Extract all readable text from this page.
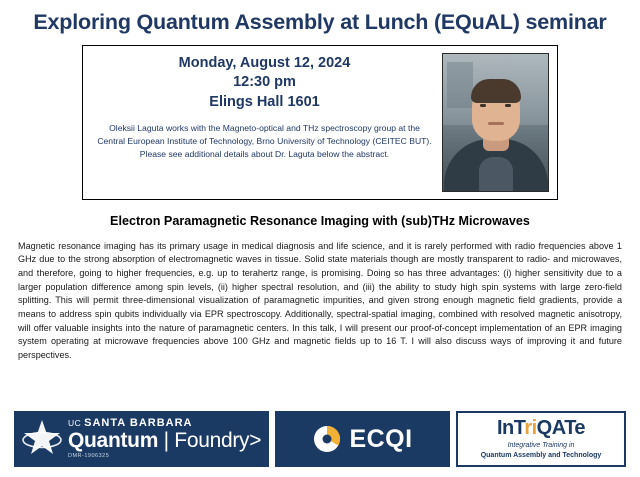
Exploring Quantum Assembly at Lunch (EQuAL) seminar
Monday, August 12, 2024
12:30 pm
Elings Hall 1601
Oleksii Laguta works with the Magneto-optical and THz spectroscopy group at the Central European Institute of Technology, Brno University of Technology (CEITEC BUT). Please see additional details about Dr. Laguta below the abstract.
Electron Paramagnetic Resonance Imaging with (sub)THz Microwaves
Magnetic resonance imaging has its primary usage in medical diagnosis and life science, and it is rarely performed with radio frequencies above 1 GHz due to the strong absorption of electromagnetic waves in tissue. Solid state materials though are mostly transparent to radio- and microwaves, and therefore, going to higher frequencies, e.g. up to terahertz range, is promising. Doing so has three advantages: (i) higher sensitivity due to a larger population difference among spin levels, (ii) higher spectral resolution, and (iii) the ability to study high spin systems with large zero-field splitting. This will permit three-dimensional visualization of paramagnetic impurities, and given strong enough magnetic field gradients, provide a means to address spin qubits individually via EPR spectroscopy. Additionally, spectral-spatial imaging, combined with resolved magnetic anisotropy, will offer valuable insights into the nature of paramagnetic centers. In this talk, I will present our proof-of-concept implementation of an EPR imaging system operating at microwave frequencies above 100 GHz and magnetic fields up to 16 T. I will also discuss ways of improving it and future perspectives.
UC SANTA BARBARA
Quantum | Foundry>
DMR-1906325
ECQI	InTriQATe
Integrative Training in
Quantum Assembly and Technology
